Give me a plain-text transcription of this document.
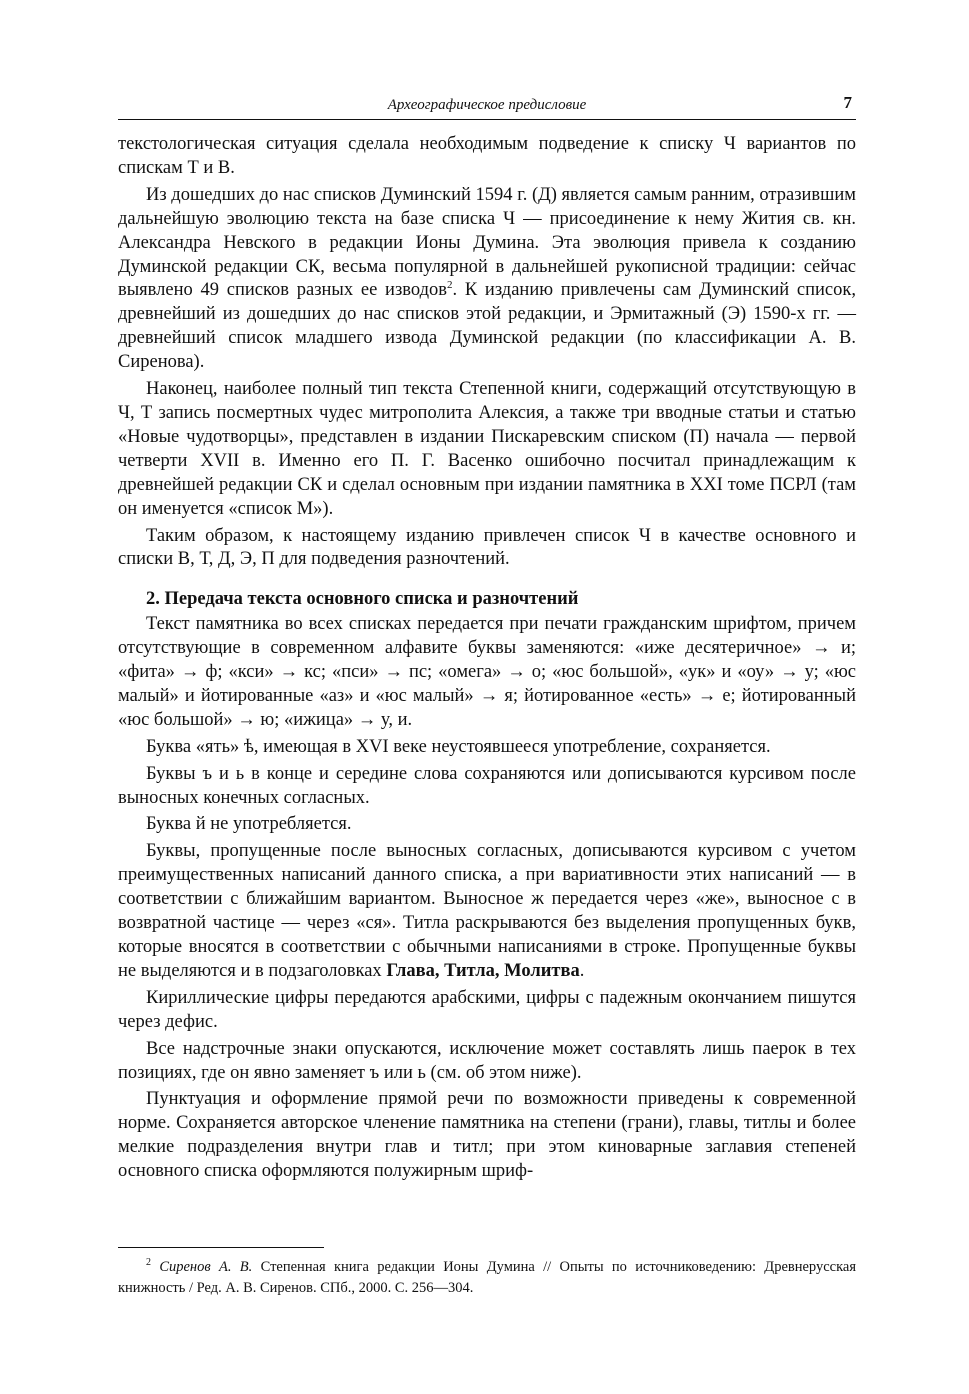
Археографическое предисловие	7

текстологическая ситуация сделала необходимым подведение к списку Ч вариантов по спискам Т и В.

Из дошедших до нас списков Думинский 1594 г. (Д) является самым ранним, отразившим дальнейшую эволюцию текста на базе списка Ч — присоединение к нему Жития св. кн. Александра Невского в редакции Ионы Думина. Эта эволюция привела к созданию Думинской редакции СК, весьма популярной в дальнейшей рукописной традиции: сейчас выявлено 49 списков разных ее изводов$^2$. К изданию привлечены сам Думинский список, древнейший из дошедших до нас списков этой редакции, и Эрмитажный (Э) 1590-х гг. — древнейший список младшего извода Думинской редакции (по классификации А. В. Сиренова).

Наконец, наиболее полный тип текста Степенной книги, содержащий отсутствующую в Ч, Т запись посмертных чудес митрополита Алексия, а также три вводные статьи и статью «Новые чудотворцы», представлен в издании Пискаревским списком (П) начала — первой четверти XVII в. Именно его П. Г. Васенко ошибочно посчитал принадлежащим к древнейшей редакции СК и сделал основным при издании памятника в XXI томе ПСРЛ (там он именуется «список М»).

Таким образом, к настоящему изданию привлечен список Ч в качестве основного и списки В, Т, Д, Э, П для подведения разночтений.

2. Передача текста основного списка и разночтений

Текст памятника во всех списках передается при печати гражданским шрифтом, причем отсутствующие в современном алфавите буквы заменяются: «иже десятеричное» → и; «фита» → ф; «кси» → кс; «пси» → пс; «омега» → о; «юс большой», «ук» и «оу» → у; «юс малый» и йотированные «аз» и «юс малый» → я; йотированное «есть» → е; йотированный «юс большой» → ю; «ижица» → у, и.

Буква «ять» ѣ, имеющая в XVI веке неустоявшееся употребление, сохраняется.

Буквы ъ и ь в конце и середине слова сохраняются или дописываются курсивом после выносных конечных согласных.

Буква й не употребляется.

Буквы, пропущенные после выносных согласных, дописываются курсивом с учетом преимущественных написаний данного списка, а при вариативности этих написаний — в соответствии с ближайшим вариантом. Выносное ж передается через «же», выносное с в возвратной частице — через «ся». Титла раскрываются без выделения пропущенных букв, которые вносятся в соответствии с обычными написаниями в строке. Пропущенные буквы не выделяются и в подзаголовках Глава, Титла, Молитва.

Кириллические цифры передаются арабскими, цифры с падежным окончанием пишутся через дефис.

Все надстрочные знаки опускаются, исключение может составлять лишь паерок в тех позициях, где он явно заменяет ъ или ь (см. об этом ниже).

Пунктуация и оформление прямой речи по возможности приведены к современной норме. Сохраняется авторское членение памятника на степени (грани), главы, титлы и более мелкие подразделения внутри глав и титл; при этом киноварные заглавия степеней основного списка оформляются полужирным шриф-

$^2$ Сиренов А. В. Степенная книга редакции Ионы Думина // Опыты по источниковедению: Древнерусская книжность / Ред. А. В. Сиренов. СПб., 2000. С. 256—304.
